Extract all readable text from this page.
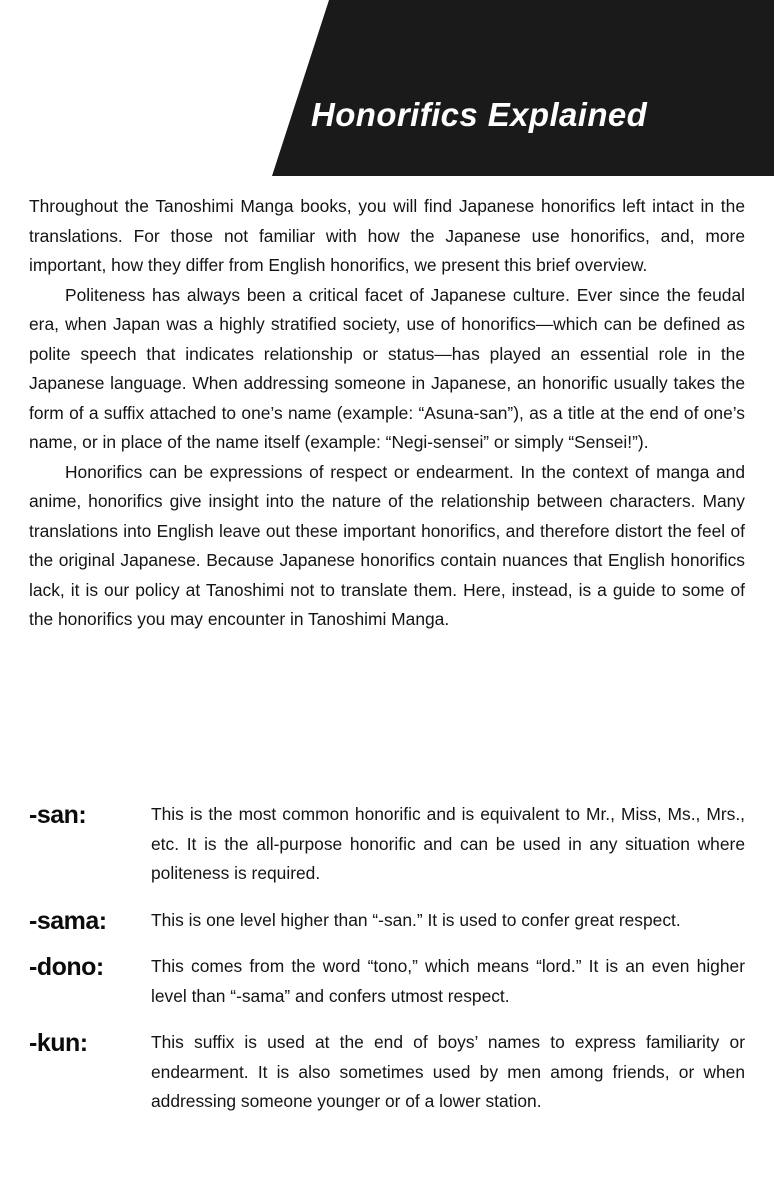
Honorifics Explained

Throughout the Tanoshimi Manga books, you will find Japanese honorifics left intact in the translations. For those not familiar with how the Japanese use honorifics, and, more important, how they differ from English honorifics, we present this brief overview.

Politeness has always been a critical facet of Japanese culture. Ever since the feudal era, when Japan was a highly stratified society, use of honorifics—which can be defined as polite speech that indicates relationship or status—has played an essential role in the Japanese language. When addressing someone in Japanese, an honorific usually takes the form of a suffix attached to one’s name (example: “Asuna-san”), as a title at the end of one’s name, or in place of the name itself (example: “Negi-sensei” or simply “Sensei!”).

Honorifics can be expressions of respect or endearment. In the context of manga and anime, honorifics give insight into the nature of the relationship between characters. Many translations into English leave out these important honorifics, and therefore distort the feel of the original Japanese. Because Japanese honorifics contain nuances that English honorifics lack, it is our policy at Tanoshimi not to translate them. Here, instead, is a guide to some of the honorifics you may encounter in Tanoshimi Manga.

-san:	This is the most common honorific and is equivalent to Mr., Miss, Ms., Mrs., etc. It is the all-purpose honorific and can be used in any situation where politeness is required.
-sama:	This is one level higher than “-san.” It is used to confer great respect.
-dono:	This comes from the word “tono,” which means “lord.” It is an even higher level than “-sama” and confers utmost respect.
-kun:	This suffix is used at the end of boys’ names to express familiarity or endearment. It is also sometimes used by men among friends, or when addressing someone younger or of a lower station.
